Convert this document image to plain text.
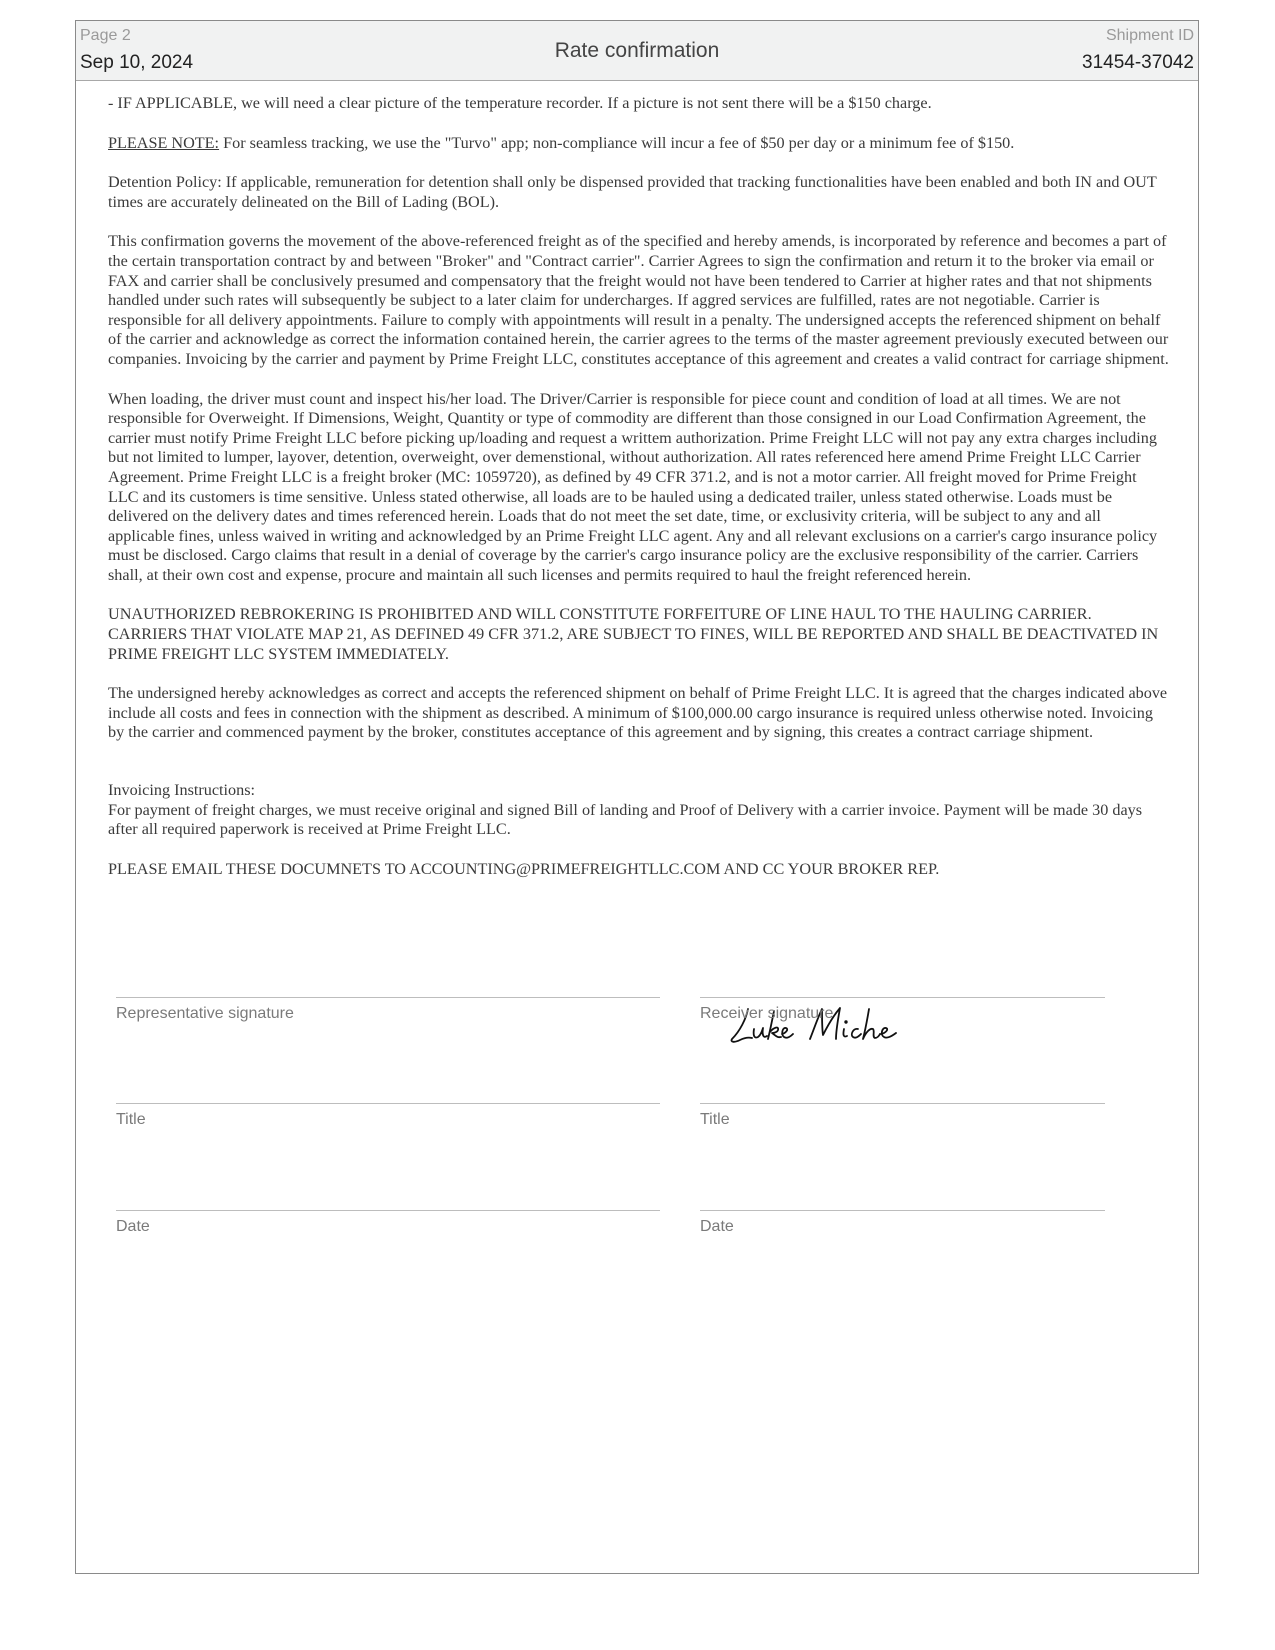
Page 2
Sep 10, 2024
Rate confirmation
Shipment ID
31454-37042

- IF APPLICABLE, we will need a clear picture of the temperature recorder. If a picture is not sent there will be a $150 charge.

PLEASE NOTE: For seamless tracking, we use the "Turvo" app; non-compliance will incur a fee of $50 per day or a minimum fee of $150.

Detention Policy: If applicable, remuneration for detention shall only be dispensed provided that tracking functionalities have been enabled and both IN and OUT times are accurately delineated on the Bill of Lading (BOL).

This confirmation governs the movement of the above-referenced freight as of the specified and hereby amends, is incorporated by reference and becomes a part of the certain transportation contract by and between "Broker" and "Contract carrier". Carrier Agrees to sign the confirmation and return it to the broker via email or FAX and carrier shall be conclusively presumed and compensatory that the freight would not have been tendered to Carrier at higher rates and that not shipments handled under such rates will subsequently be subject to a later claim for undercharges. If aggred services are fulfilled, rates are not negotiable. Carrier is responsible for all delivery appointments. Failure to comply with appointments will result in a penalty. The undersigned accepts the referenced shipment on behalf of the carrier and acknowledge as correct the information contained herein, the carrier agrees to the terms of the master agreement previously executed between our companies. Invoicing by the carrier and payment by Prime Freight LLC, constitutes acceptance of this agreement and creates a valid contract for carriage shipment.

When loading, the driver must count and inspect his/her load. The Driver/Carrier is responsible for piece count and condition of load at all times. We are not responsible for Overweight. If Dimensions, Weight, Quantity or type of commodity are different than those consigned in our Load Confirmation Agreement, the carrier must notify Prime Freight LLC before picking up/loading and request a writtem authorization. Prime Freight LLC will not pay any extra charges including but not limited to lumper, layover, detention, overweight, over demenstional, without authorization. All rates referenced here amend Prime Freight LLC Carrier Agreement. Prime Freight LLC is a freight broker (MC: 1059720), as defined by 49 CFR 371.2, and is not a motor carrier. All freight moved for Prime Freight LLC and its customers is time sensitive. Unless stated otherwise, all loads are to be hauled using a dedicated trailer, unless stated otherwise. Loads must be delivered on the delivery dates and times referenced herein. Loads that do not meet the set date, time, or exclusivity criteria, will be subject to any and all applicable fines, unless waived in writing and acknowledged by an Prime Freight LLC agent. Any and all relevant exclusions on a carrier's cargo insurance policy must be disclosed. Cargo claims that result in a denial of coverage by the carrier's cargo insurance policy are the exclusive responsibility of the carrier. Carriers shall, at their own cost and expense, procure and maintain all such licenses and permits required to haul the freight referenced herein.

UNAUTHORIZED REBROKERING IS PROHIBITED AND WILL CONSTITUTE FORFEITURE OF LINE HAUL TO THE HAULING CARRIER. CARRIERS THAT VIOLATE MAP 21, AS DEFINED 49 CFR 371.2, ARE SUBJECT TO FINES, WILL BE REPORTED AND SHALL BE DEACTIVATED IN PRIME FREIGHT LLC SYSTEM IMMEDIATELY.

The undersigned hereby acknowledges as correct and accepts the referenced shipment on behalf of Prime Freight LLC. It is agreed that the charges indicated above include all costs and fees in connection with the shipment as described. A minimum of $100,000.00 cargo insurance is required unless otherwise noted. Invoicing by the carrier and commenced payment by the broker, constitutes acceptance of this agreement and by signing, this creates a contract carriage shipment.

Invoicing Instructions:
For payment of freight charges, we must receive original and signed Bill of landing and Proof of Delivery with a carrier invoice. Payment will be made 30 days after all required paperwork is received at Prime Freight LLC.

PLEASE EMAIL THESE DOCUMNETS TO ACCOUNTING@PRIMEFREIGHTLLC.COM AND CC YOUR BROKER REP.

Representative signature	Receiver signature
Title	Title
Date	Date
